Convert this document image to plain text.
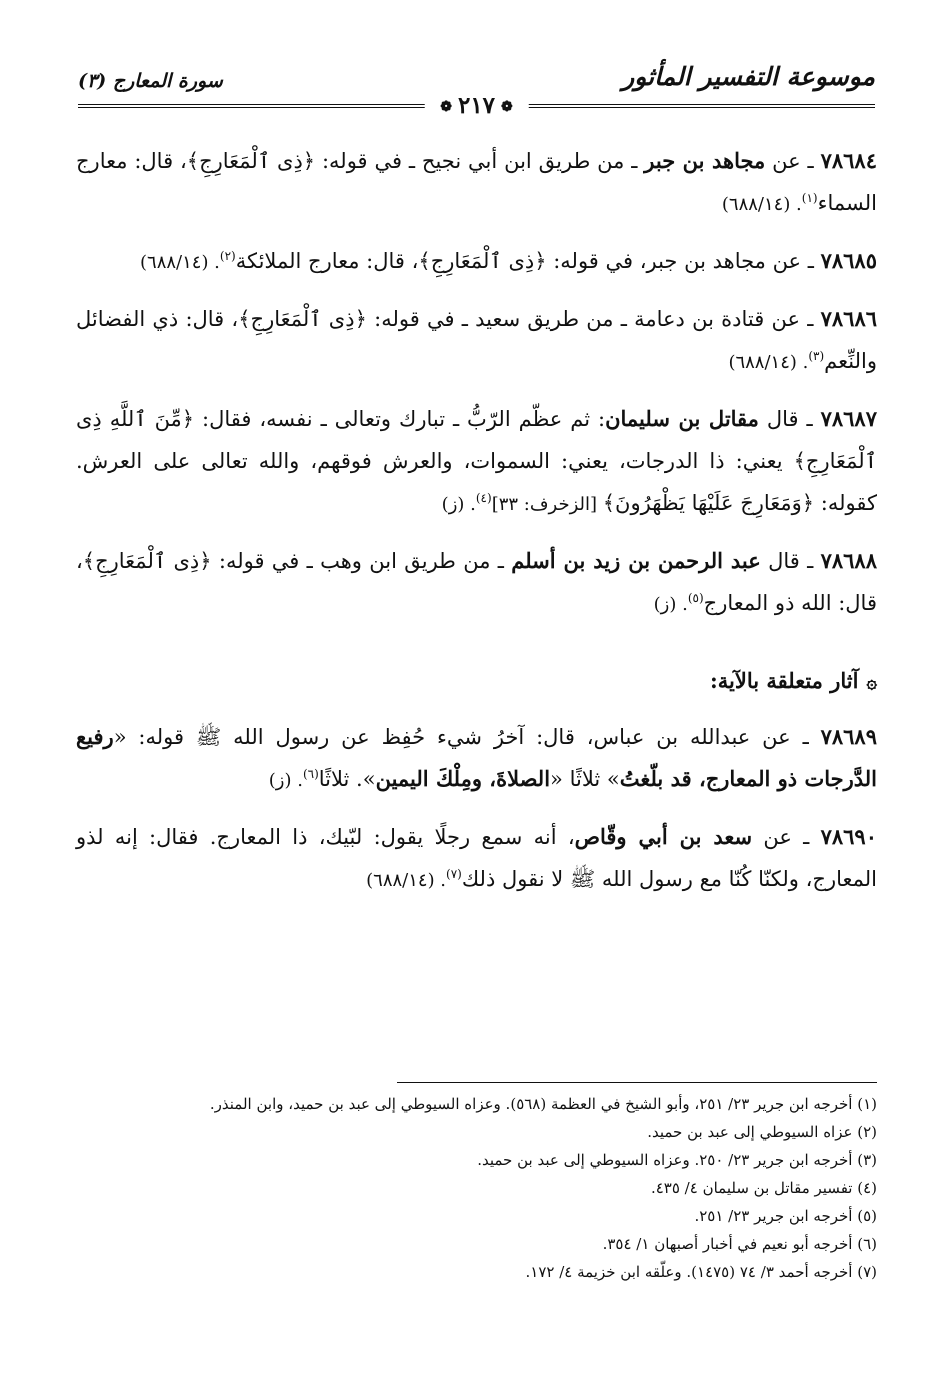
موسوعة التفسير المأثور
سورة المعارج (٣)
❁٢١٧❁

٧٨٦٨٤ ـ عن مجاهد بن جبر ـ من طريق ابن أبي نجيح ـ في قوله: ﴿ذِى ٱلْمَعَارِجِ﴾، قال: معارج السماء$^{(١)}$. (٦٨٨/١٤)

٧٨٦٨٥ ـ عن مجاهد بن جبر، في قوله: ﴿ذِى ٱلْمَعَارِجِ﴾، قال: معارج الملائكة$^{(٢)}$. (٦٨٨/١٤)

٧٨٦٨٦ ـ عن قتادة بن دعامة ـ من طريق سعيد ـ في قوله: ﴿ذِى ٱلْمَعَارِجِ﴾، قال: ذي الفضائل والنِّعم$^{(٣)}$. (٦٨٨/١٤)

٧٨٦٨٧ ـ قال مقاتل بن سليمان: ثم عظّم الرّبُّ ـ تبارك وتعالى ـ نفسه، فقال: ﴿مِّنَ ٱللَّهِ ذِى ٱلْمَعَارِجِ﴾ يعني: ذا الدرجات، يعني: السموات، والعرش فوقهم، والله تعالى على العرش. كقوله: ﴿وَمَعَارِجَ عَلَيْهَا يَظْهَرُونَ﴾ [الزخرف: ٣٣]$^{(٤)}$. (ز)

٧٨٦٨٨ ـ قال عبد الرحمن بن زيد بن أسلم ـ من طريق ابن وهب ـ في قوله: ﴿ذِى ٱلْمَعَارِجِ﴾، قال: الله ذو المعارج$^{(٥)}$. (ز)

۞آثار متعلقة بالآية:

٧٨٦٨٩ ـ عن عبدالله بن عباس، قال: آخرُ شيء حُفِظ عن رسول الله ﷺ قوله: «رفيع الدَّرجات ذو المعارج، قد بلّغتُ» ثلاثًا «الصلاةَ، ومِلْكَ اليمين». ثلاثًا$^{(٦)}$. (ز)

٧٨٦٩٠ ـ عن سعد بن أبي وقّاص، أنه سمع رجلًا يقول: لبّيك، ذا المعارج. فقال: إنه لذو المعارج، ولكنّا كُنّا مع رسول الله ﷺ لا نقول ذلك$^{(٧)}$. (٦٨٨/١٤)

(١) أخرجه ابن جرير ٢٣/ ٢٥١، وأبو الشيخ في العظمة (٥٦٨). وعزاه السيوطي إلى عبد بن حميد، وابن المنذر.

(٢) عزاه السيوطي إلى عبد بن حميد.

(٣) أخرجه ابن جرير ٢٣/ ٢٥٠. وعزاه السيوطي إلى عبد بن حميد.

(٤) تفسير مقاتل بن سليمان ٤/ ٤٣٥.

(٥) أخرجه ابن جرير ٢٣/ ٢٥١.

(٦) أخرجه أبو نعيم في أخبار أصبهان ١/ ٣٥٤.

(٧) أخرجه أحمد ٣/ ٧٤ (١٤٧٥). وعلّقه ابن خزيمة ٤/ ١٧٢.
